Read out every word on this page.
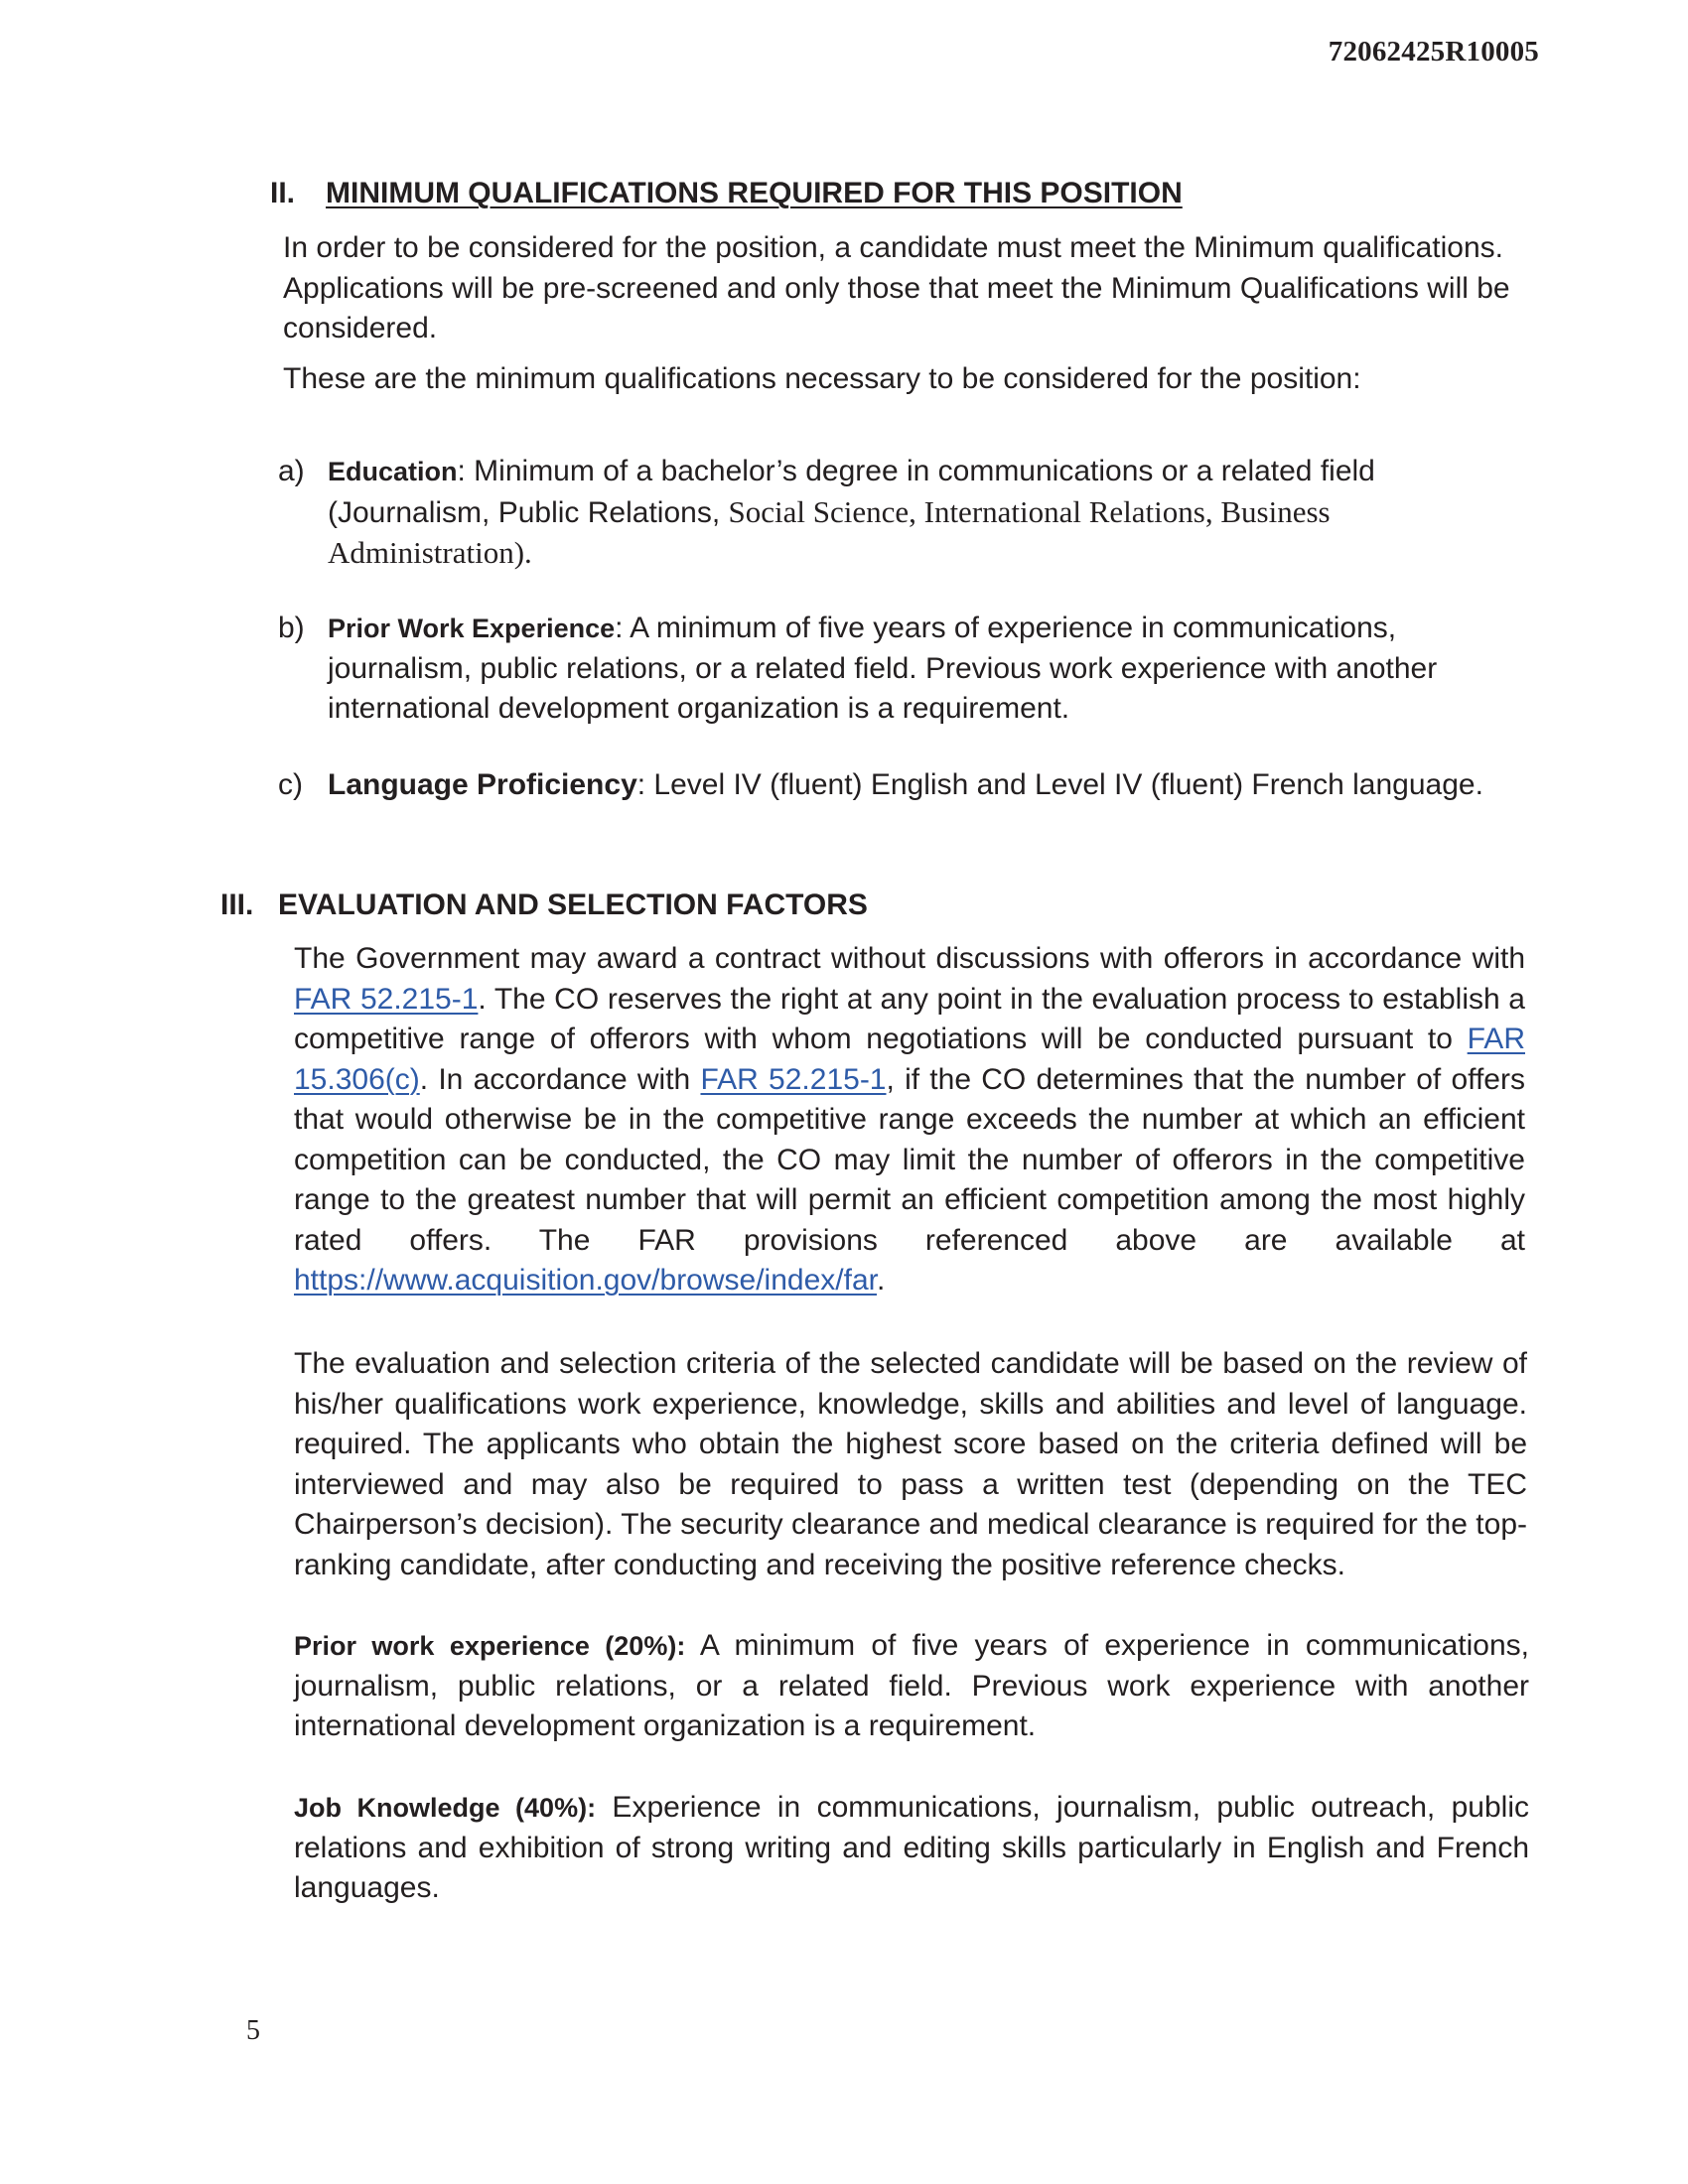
72062425R10005
II. MINIMUM QUALIFICATIONS REQUIRED FOR THIS POSITION

In order to be considered for the position, a candidate must meet the Minimum qualifications. Applications will be pre-screened and only those that meet the Minimum Qualifications will be considered.

These are the minimum qualifications necessary to be considered for the position:

a) Education: Minimum of a bachelor’s degree in communications or a related field (Journalism, Public Relations, Social Science, International Relations, Business Administration).
b) Prior Work Experience: A minimum of five years of experience in communications, journalism, public relations, or a related field. Previous work experience with another international development organization is a requirement.
c) Language Proficiency: Level IV (fluent) English and Level IV (fluent) French language.
III. EVALUATION AND SELECTION FACTORS

The Government may award a contract without discussions with offerors in accordance with FAR 52.215-1. The CO reserves the right at any point in the evaluation process to establish a competitive range of offerors with whom negotiations will be conducted pursuant to FAR 15.306(c). In accordance with FAR 52.215-1, if the CO determines that the number of offers that would otherwise be in the competitive range exceeds the number at which an efficient competition can be conducted, the CO may limit the number of offerors in the competitive range to the greatest number that will permit an efficient competition among the most highly rated offers. The FAR provisions referenced above are available at https://www.acquisition.gov/browse/index/far.

The evaluation and selection criteria of the selected candidate will be based on the review of his/her qualifications work experience, knowledge, skills and abilities and level of language. required. The applicants who obtain the highest score based on the criteria defined will be interviewed and may also be required to pass a written test (depending on the TEC Chairperson’s decision). The security clearance and medical clearance is required for the top-ranking candidate, after conducting and receiving the positive reference checks.

Prior work experience (20%): A minimum of five years of experience in communications, journalism, public relations, or a related field. Previous work experience with another international development organization is a requirement.

Job Knowledge (40%): Experience in communications, journalism, public outreach, public relations and exhibition of strong writing and editing skills particularly in English and French languages.

5
